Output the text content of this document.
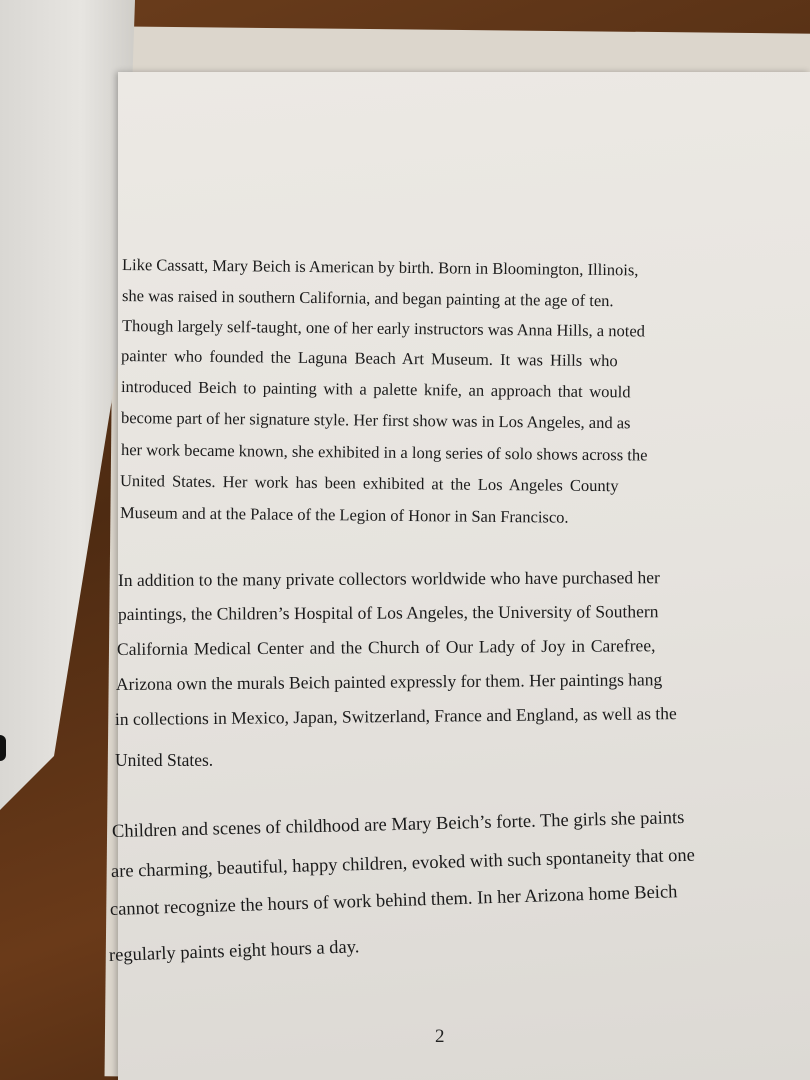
Like Cassatt, Mary Beich is American by birth. Born in Bloomington, Illinois,
she was raised in southern California, and began painting at the age of ten.
Though largely self-taught, one of her early instructors was Anna Hills, a noted
painter who founded the Laguna Beach Art Museum. It was Hills who
introduced Beich to painting with a palette knife, an approach that would
become part of her signature style. Her first show was in Los Angeles, and as
her work became known, she exhibited in a long series of solo shows across the
United States. Her work has been exhibited at the Los Angeles County
Museum and at the Palace of the Legion of Honor in San Francisco.
In addition to the many private collectors worldwide who have purchased her
paintings, the Children’s Hospital of Los Angeles, the University of Southern
California Medical Center and the Church of Our Lady of Joy in Carefree,
Arizona own the murals Beich painted expressly for them. Her paintings hang
in collections in Mexico, Japan, Switzerland, France and England, as well as the
United States.
Children and scenes of childhood are Mary Beich’s forte. The girls she paints
are charming, beautiful, happy children, evoked with such spontaneity that one
cannot recognize the hours of work behind them. In her Arizona home Beich
regularly paints eight hours a day.
2
